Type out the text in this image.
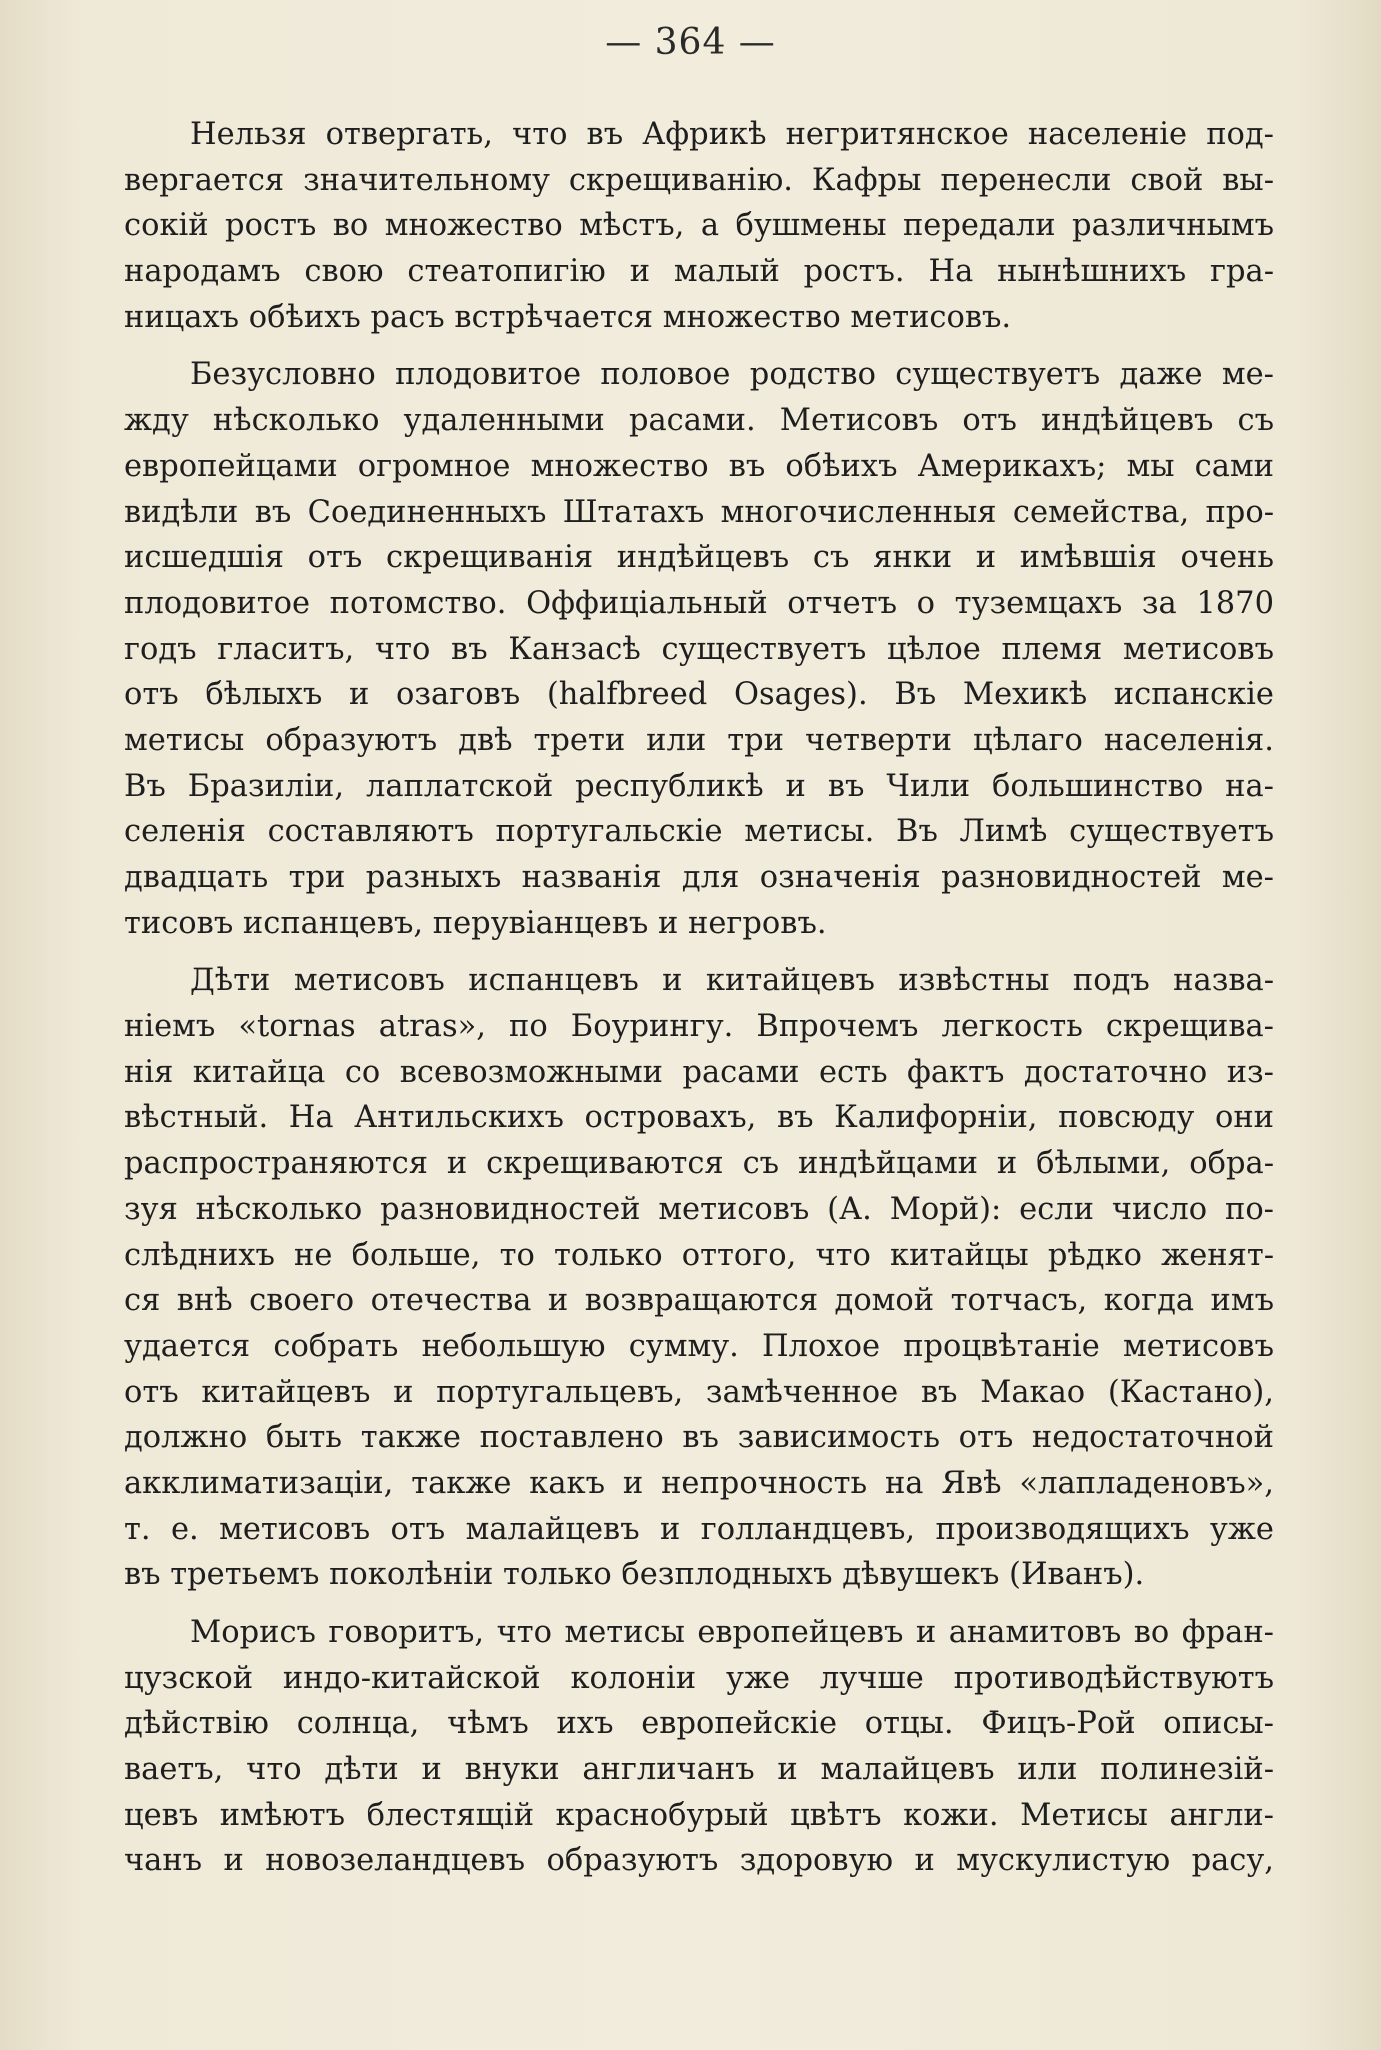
— 364 —
Нельзя отвергать, что въ Африкѣ негритянское населеніе под-
вергается значительному скрещиванію. Кафры перенесли свой вы-
сокій ростъ во множество мѣстъ, а бушмены передали различнымъ
народамъ свою стеатопигію и малый ростъ. На нынѣшнихъ гра-
ницахъ обѣихъ расъ встрѣчается множество метисовъ.
Безусловно плодовитое половое родство существуетъ даже ме-
жду нѣсколько удаленными расами. Метисовъ отъ индѣйцевъ съ
европейцами огромное множество въ обѣихъ Америкахъ; мы сами
видѣли въ Соединенныхъ Штатахъ многочисленныя семейства, про-
исшедшія отъ скрещиванія индѣйцевъ съ янки и имѣвшія очень
плодовитое потомство. Оффиціальный отчетъ о туземцахъ за 1870
годъ гласитъ, что въ Канзасѣ существуетъ цѣлое племя метисовъ
отъ бѣлыхъ и озаговъ (halfbreed Osages). Въ Мехикѣ испанскіе
метисы образуютъ двѣ трети или три четверти цѣлаго населенія.
Въ Бразиліи, лаплатской республикѣ и въ Чили большинство на-
селенія составляютъ португальскіе метисы. Въ Лимѣ существуетъ
двадцать три разныхъ названія для означенія разновидностей ме-
тисовъ испанцевъ, перувіанцевъ и негровъ.
Дѣти метисовъ испанцевъ и китайцевъ извѣстны подъ назва-
ніемъ «tornas atras», по Боурингу. Впрочемъ легкость скрещива-
нія китайца со всевозможными расами есть фактъ достаточно из-
вѣстный. На Антильскихъ островахъ, въ Калифорніи, повсюду они
распространяются и скрещиваются съ индѣйцами и бѣлыми, обра-
зуя нѣсколько разновидностей метисовъ (А. Морй): если число по-
слѣднихъ не больше, то только оттого, что китайцы рѣдко женят-
ся внѣ своего отечества и возвращаются домой тотчасъ, когда имъ
удается собрать небольшую сумму. Плохое процвѣтаніе метисовъ
отъ китайцевъ и португальцевъ, замѣченное въ Макао (Кастано),
должно быть также поставлено въ зависимость отъ недостаточной
акклиматизаціи, также какъ и непрочность на Явѣ «лапладеновъ»,
т. е. метисовъ отъ малайцевъ и голландцевъ, производящихъ уже
въ третьемъ поколѣніи только безплодныхъ дѣвушекъ (Иванъ).
Морисъ говоритъ, что метисы европейцевъ и анамитовъ во фран-
цузской индо-китайской колоніи уже лучше противодѣйствуютъ
дѣйствію солнца, чѣмъ ихъ европейскіе отцы. Фицъ-Рой описы-
ваетъ, что дѣти и внуки англичанъ и малайцевъ или полинезій-
цевъ имѣютъ блестящій краснобурый цвѣтъ кожи. Метисы англи-
чанъ и новозеландцевъ образуютъ здоровую и мускулистую расу,
